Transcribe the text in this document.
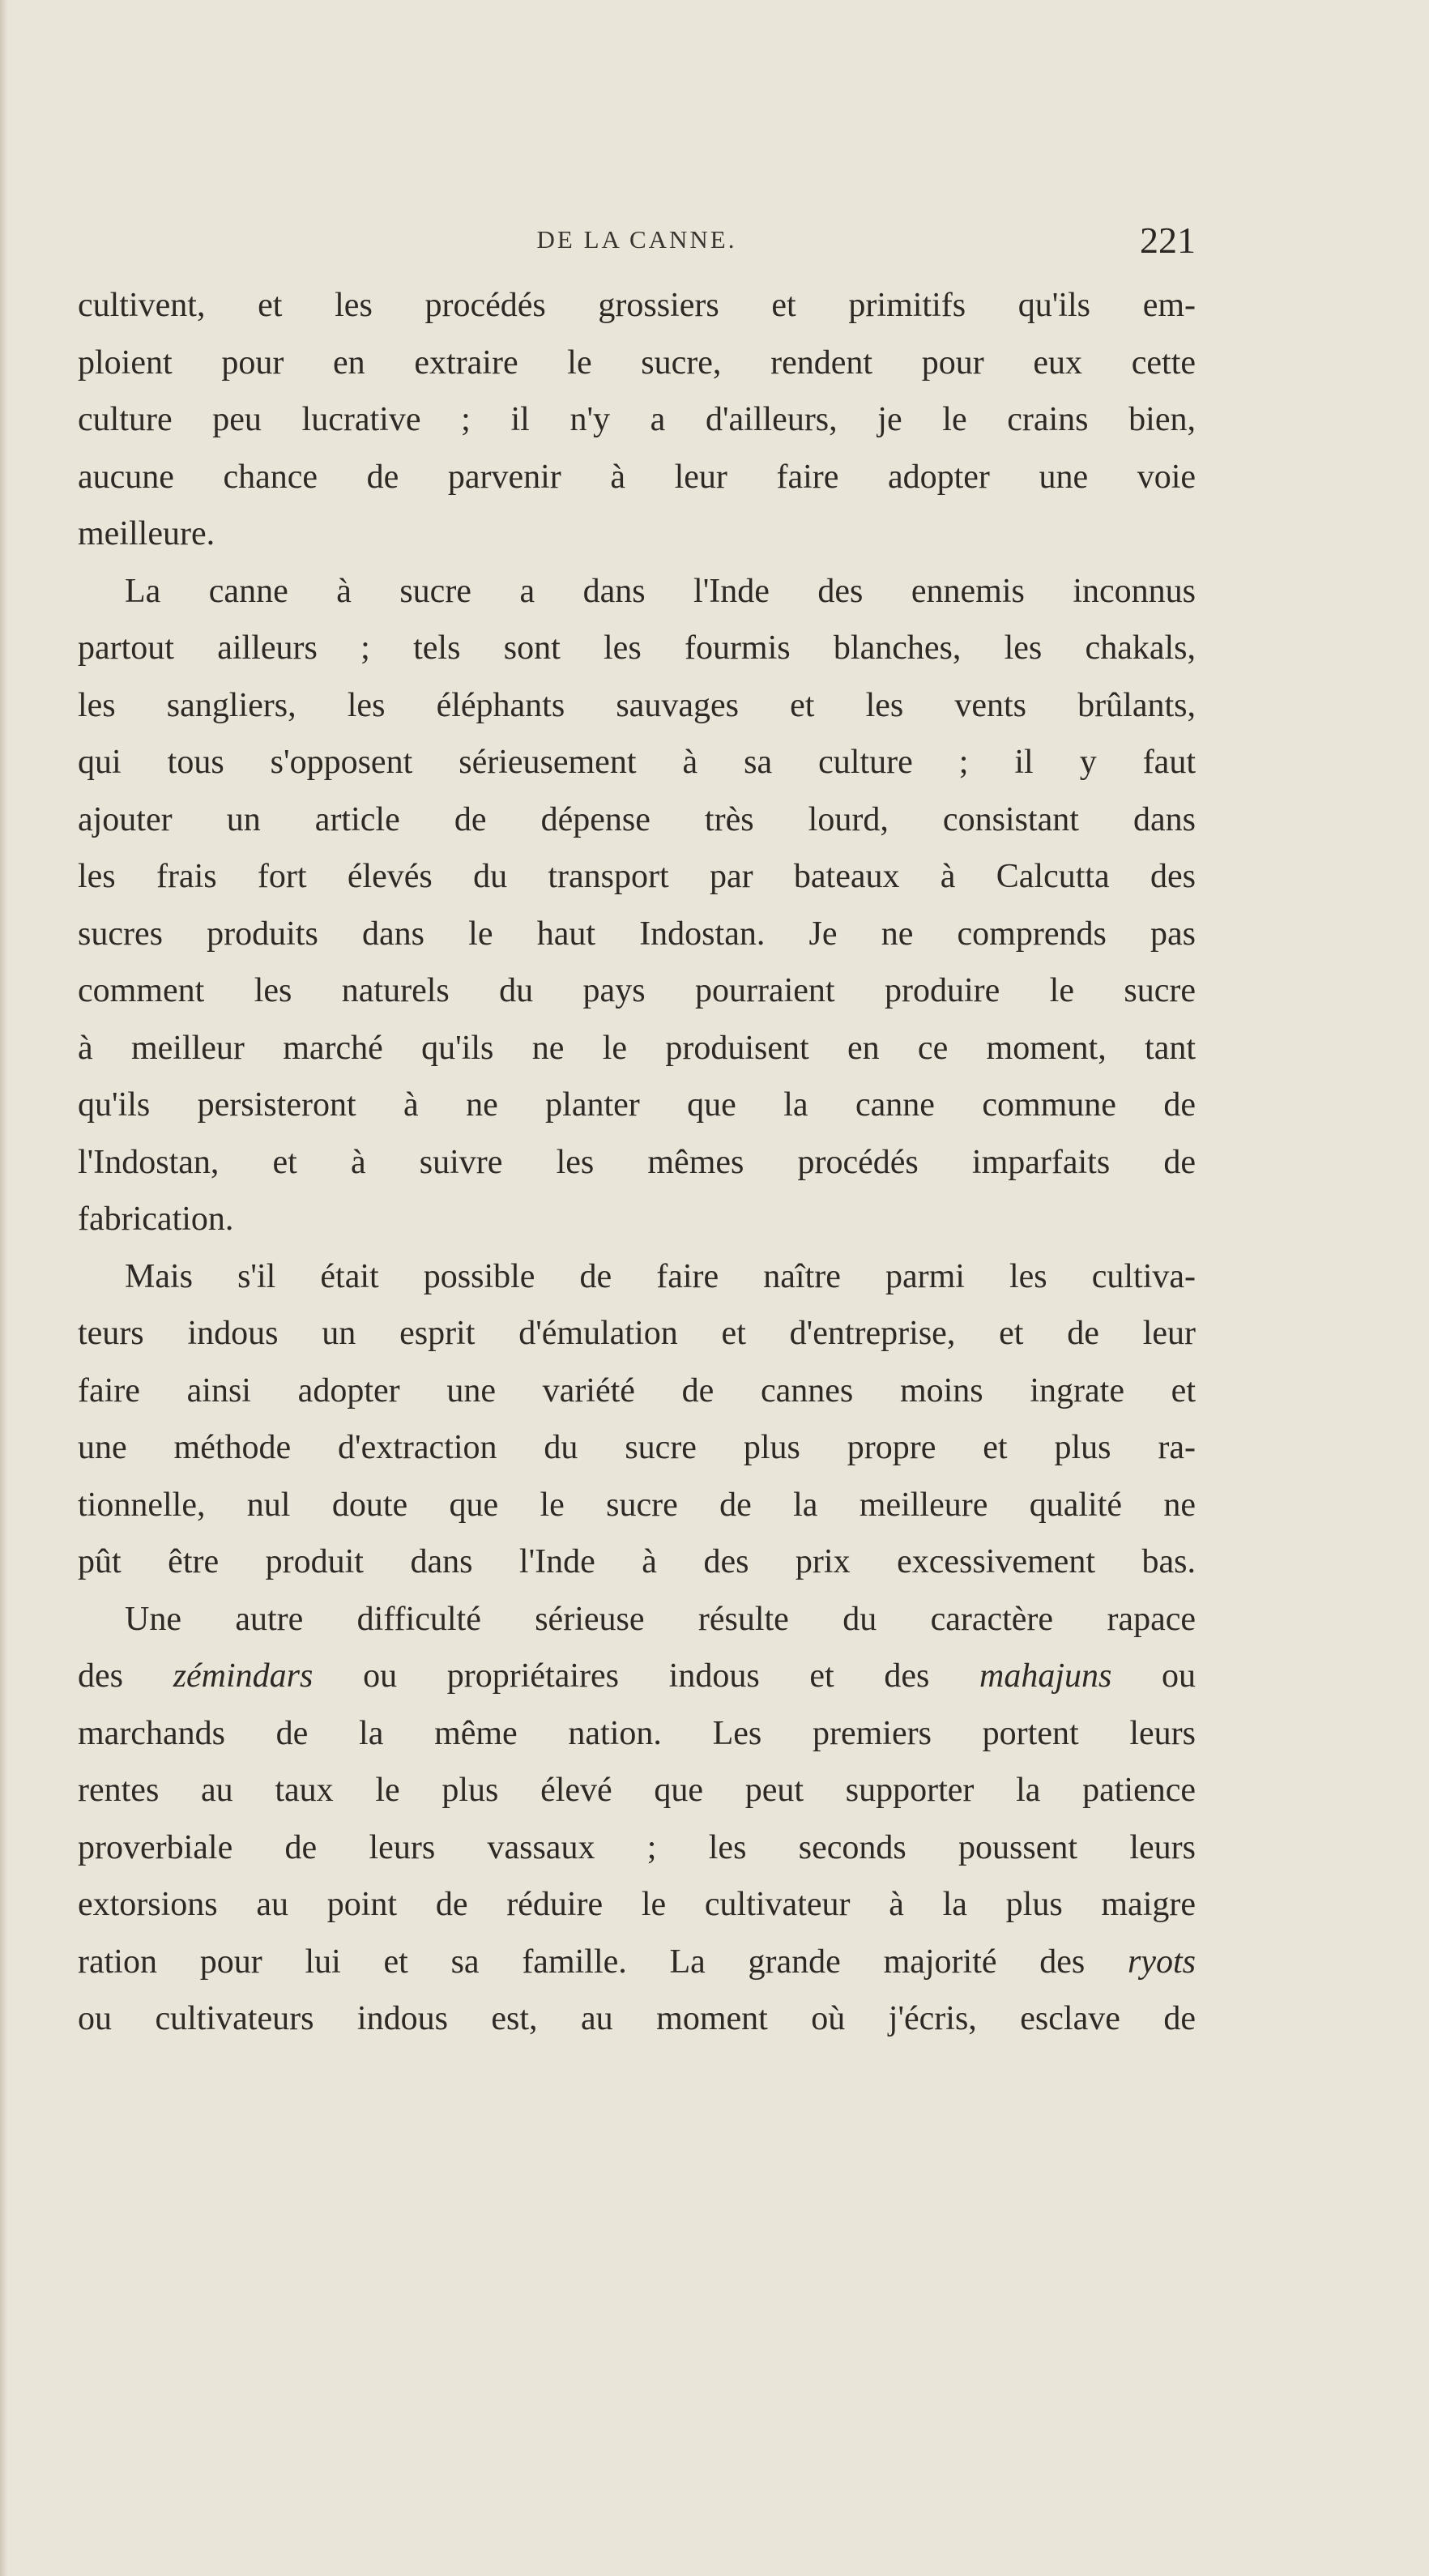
DE LA CANNE.	221
cultivent, et les procédés grossiers et primitifs qu'ils em-
ploient pour en extraire le sucre, rendent pour eux cette
culture peu lucrative ; il n'y a d'ailleurs, je le crains bien,
aucune chance de parvenir à leur faire adopter une voie
meilleure.
La canne à sucre a dans l'Inde des ennemis inconnus
partout ailleurs ; tels sont les fourmis blanches, les chakals,
les sangliers, les éléphants sauvages et les vents brûlants,
qui tous s'opposent sérieusement à sa culture ; il y faut
ajouter un article de dépense très lourd, consistant dans
les frais fort élevés du transport par bateaux à Calcutta des
sucres produits dans le haut Indostan. Je ne comprends pas
comment les naturels du pays pourraient produire le sucre
à meilleur marché qu'ils ne le produisent en ce moment, tant
qu'ils persisteront à ne planter que la canne commune de
l'Indostan, et à suivre les mêmes procédés imparfaits de
fabrication.
Mais s'il était possible de faire naître parmi les cultiva-
teurs indous un esprit d'émulation et d'entreprise, et de leur
faire ainsi adopter une variété de cannes moins ingrate et
une méthode d'extraction du sucre plus propre et plus ra-
tionnelle, nul doute que le sucre de la meilleure qualité ne
pût être produit dans l'Inde à des prix excessivement bas.
Une autre difficulté sérieuse résulte du caractère rapace
des zémindars ou propriétaires indous et des mahajuns ou
marchands de la même nation. Les premiers portent leurs
rentes au taux le plus élevé que peut supporter la patience
proverbiale de leurs vassaux ; les seconds poussent leurs
extorsions au point de réduire le cultivateur à la plus maigre
ration pour lui et sa famille. La grande majorité des ryots
ou cultivateurs indous est, au moment où j'écris, esclave de
